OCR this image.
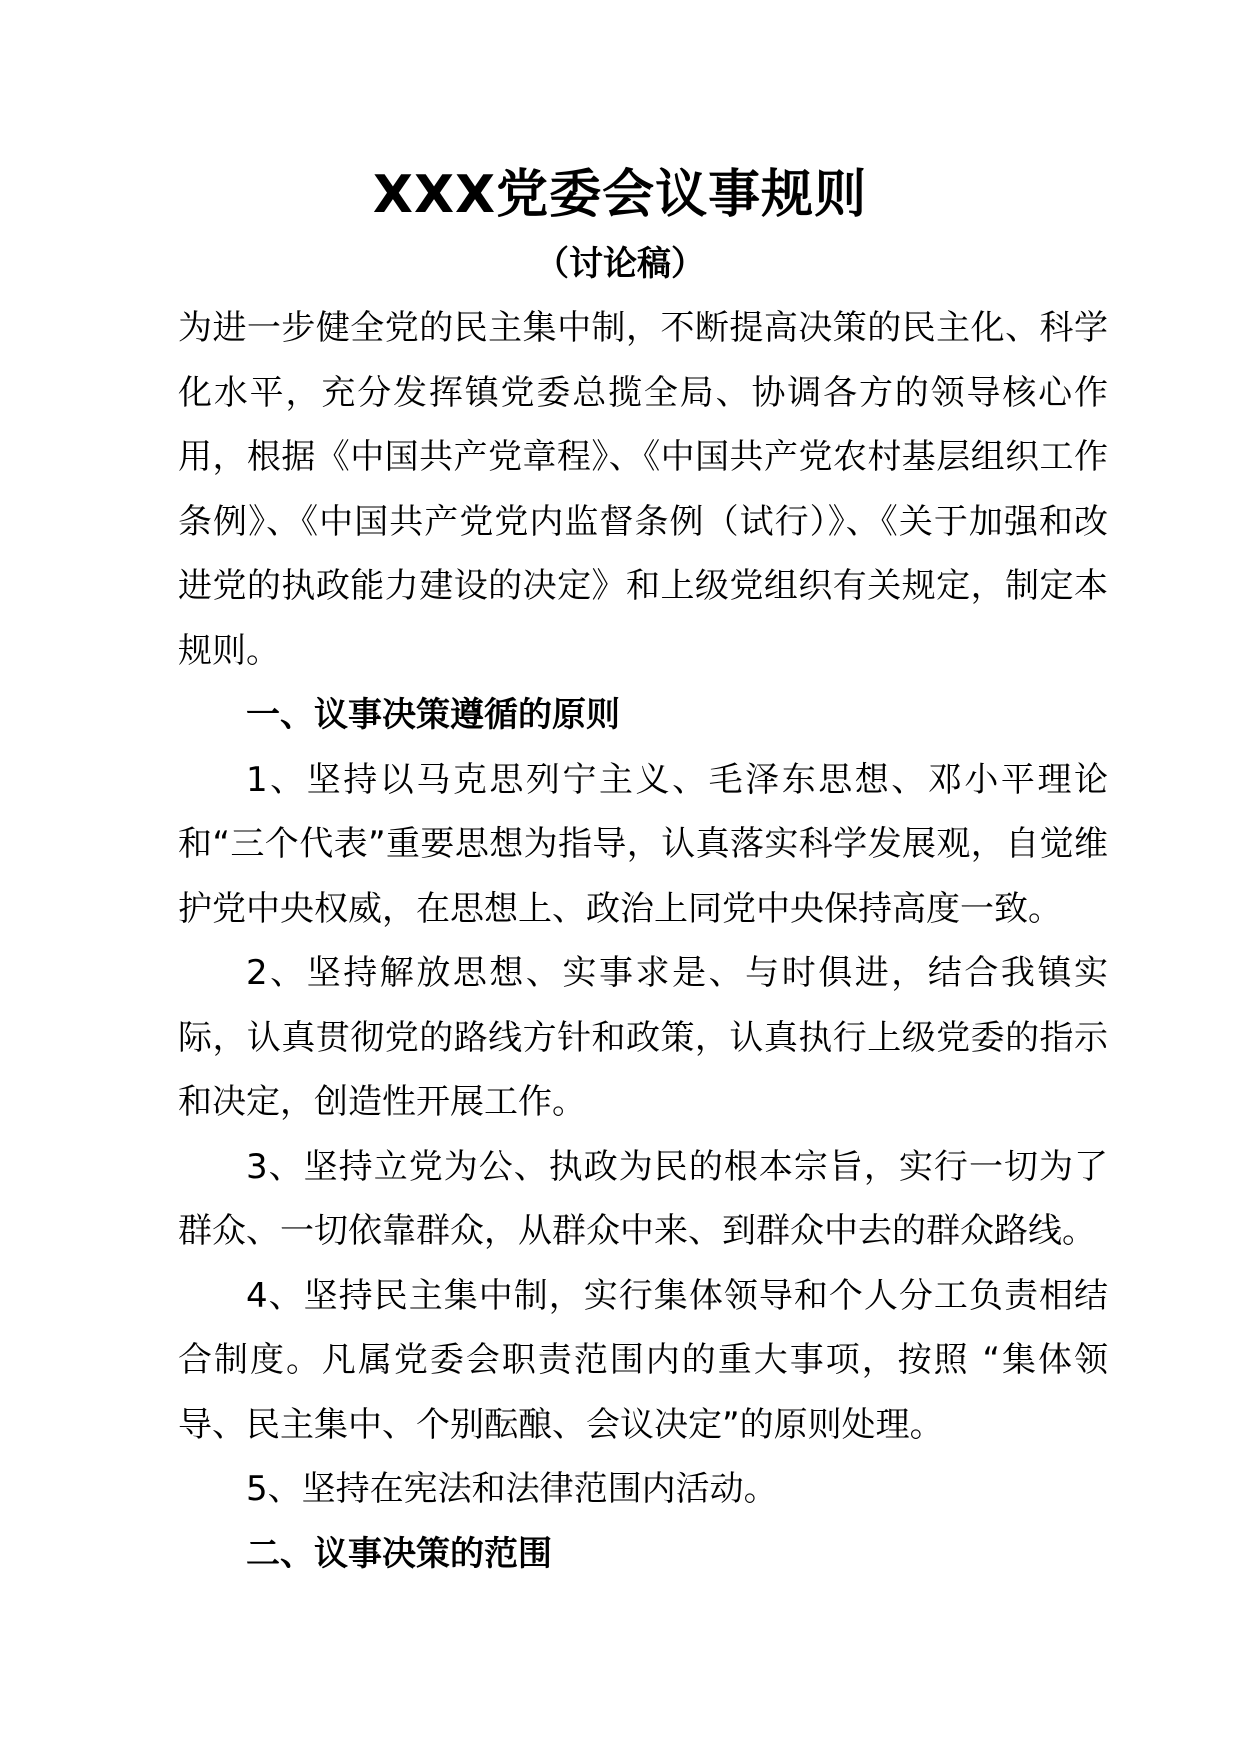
XXX党委会议事规则
（讨论稿）

为进一步健全党的民主集中制，不断提高决策的民主化、科学化水平，充分发挥镇党委总揽全局、协调各方的领导核心作用，根据《中国共产党章程》、《中国共产党农村基层组织工作条例》、《中国共产党党内监督条例（试行）》、《关于加强和改进党的执政能力建设的决定》和上级党组织有关规定，制定本规则。

一、议事决策遵循的原则

1、坚持以马克思列宁主义、毛泽东思想、邓小平理论和“三个代表”重要思想为指导，认真落实科学发展观，自觉维护党中央权威，在思想上、政治上同党中央保持高度一致。

2、坚持解放思想、实事求是、与时俱进，结合我镇实际，认真贯彻党的路线方针和政策，认真执行上级党委的指示和决定，创造性开展工作。

3、坚持立党为公、执政为民的根本宗旨，实行一切为了群众、一切依靠群众，从群众中来、到群众中去的群众路线。

4、坚持民主集中制，实行集体领导和个人分工负责相结合制度。凡属党委会职责范围内的重大事项，按照 “集体领导、民主集中、个别酝酿、会议决定”的原则处理。

5、坚持在宪法和法律范围内活动。

二、议事决策的范围
